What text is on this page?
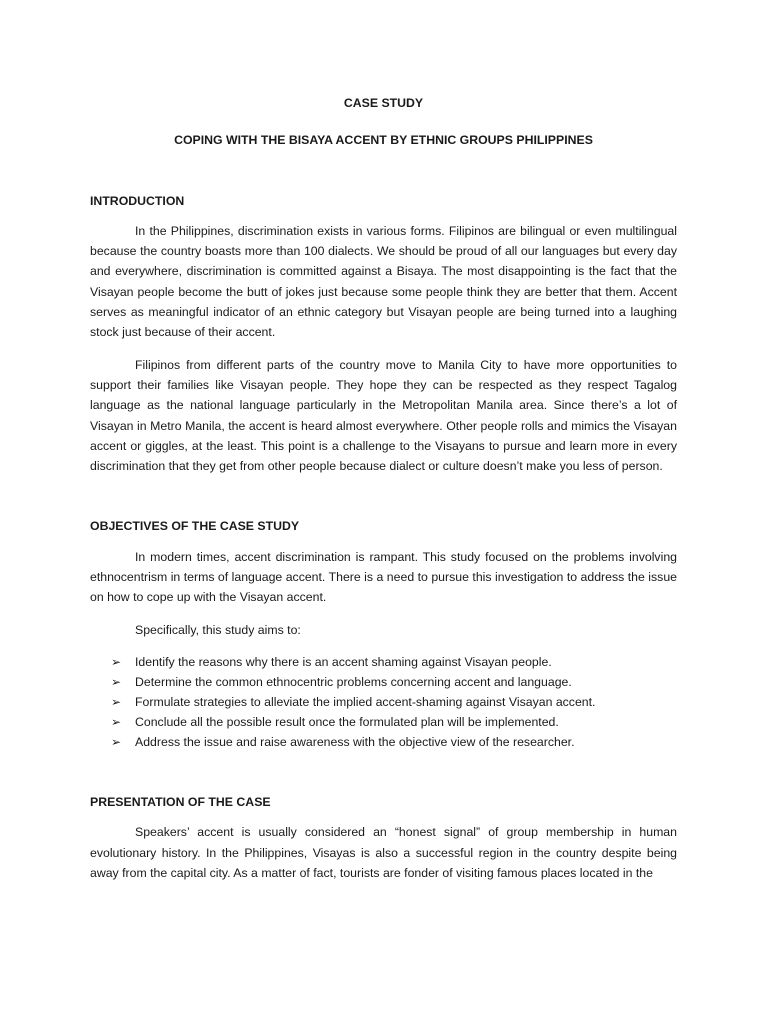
CASE STUDY
COPING WITH THE BISAYA ACCENT BY ETHNIC GROUPS PHILIPPINES
INTRODUCTION

In the Philippines, discrimination exists in various forms. Filipinos are bilingual or even multilingual because the country boasts more than 100 dialects. We should be proud of all our languages but every day and everywhere, discrimination is committed against a Bisaya. The most disappointing is the fact that the Visayan people become the butt of jokes just because some people think they are better that them. Accent serves as meaningful indicator of an ethnic category but Visayan people are being turned into a laughing stock just because of their accent.

Filipinos from different parts of the country move to Manila City to have more opportunities to support their families like Visayan people. They hope they can be respected as they respect Tagalog language as the national language particularly in the Metropolitan Manila area. Since there’s a lot of Visayan in Metro Manila, the accent is heard almost everywhere. Other people rolls and mimics the Visayan accent or giggles, at the least. This point is a challenge to the Visayans to pursue and learn more in every discrimination that they get from other people because dialect or culture doesn’t make you less of person.

OBJECTIVES OF THE CASE STUDY

In modern times, accent discrimination is rampant. This study focused on the problems involving ethnocentrism in terms of language accent. There is a need to pursue this investigation to address the issue on how to cope up with the Visayan accent.

Specifically, this study aims to:
➢ Identify the reasons why there is an accent shaming against Visayan people.
➢ Determine the common ethnocentric problems concerning accent and language.
➢ Formulate strategies to alleviate the implied accent-shaming against Visayan accent.
➢ Conclude all the possible result once the formulated plan will be implemented.
➢ Address the issue and raise awareness with the objective view of the researcher.
PRESENTATION OF THE CASE

Speakers’ accent is usually considered an “honest signal” of group membership in human evolutionary history. In the Philippines, Visayas is also a successful region in the country despite being away from the capital city. As a matter of fact, tourists are fonder of visiting famous places located in the
